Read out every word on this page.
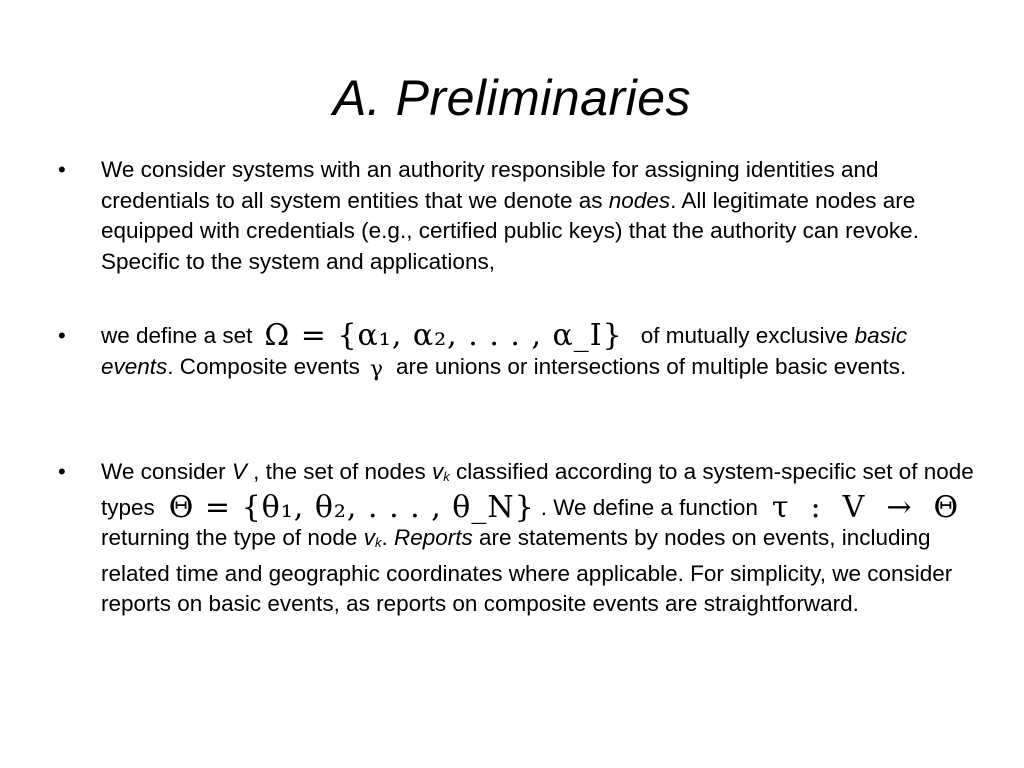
A. Preliminaries
• We consider systems with an authority responsible for assigning identities and credentials to all system entities that we denote as nodes. All legitimate nodes are equipped with credentials (e.g., certified public keys) that the authority can revoke. Specific to the system and applications,
• we define a set Ω = {α₁, α₂, . . . , α_I} of mutually exclusive basic
events. Composite events γ are unions or intersections of multiple basic events.
• We consider V , the set of nodes vk classified according to a system-specific set of node types Θ = {θ₁, θ₂, . . . , θ_N} . We define a function τ : V → Θreturning the type of node vk. Reports are statements by nodes on events, including related time and geographic coordinates where applicable. For simplicity, we consider reports on basic events, as reports on composite events are straightforward.
